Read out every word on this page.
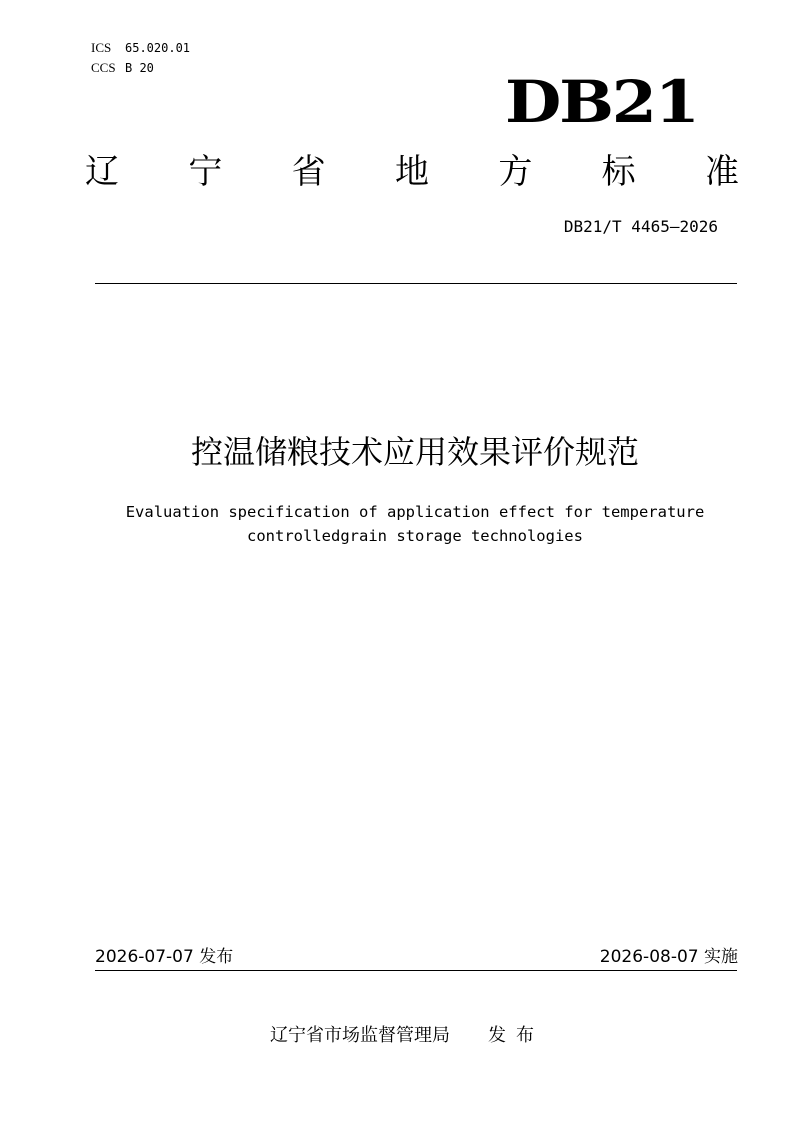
ICS 65.020.01
CCS B 20	DB21
辽 宁 省 地 方 标 准
DB21/T 4465—2026
控温储粮技术应用效果评价规范
Evaluation specification of application effect for temperature
controlledgrain storage technologies
2026-07-07 发布	2026-08-07 实施
辽宁省市场监督管理局 发布
